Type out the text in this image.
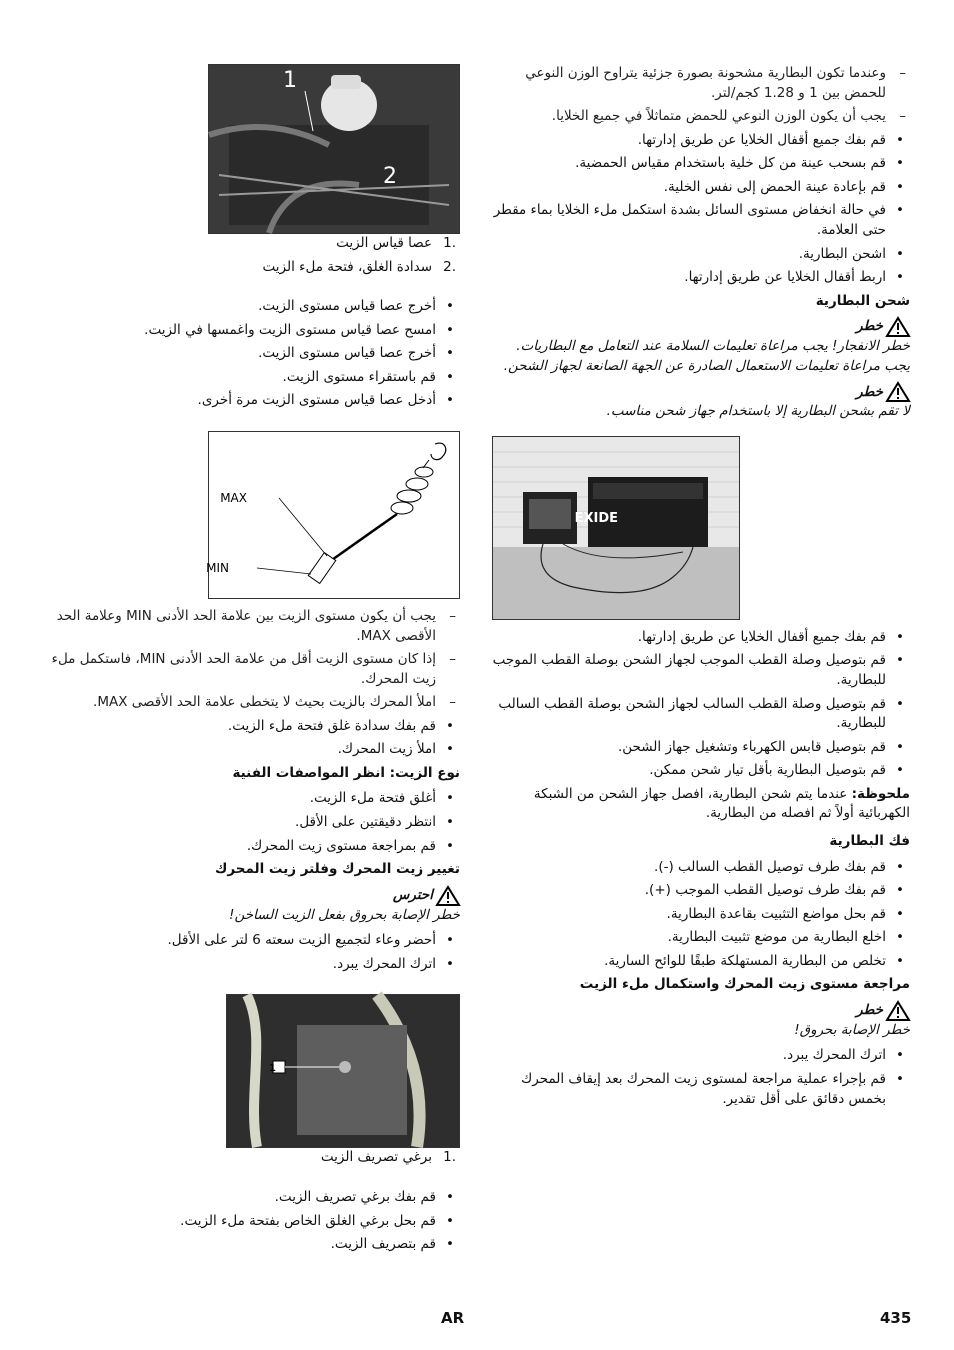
– وعندما تكون البطارية مشحونة بصورة جزئية يتراوح الوزن النوعي للحمض بين 1 و 1.28 كجم/لتر.
– يجب أن يكون الوزن النوعي للحمض متماثلاً في جميع الخلايا.
• قم بفك جميع أقفال الخلايا عن طريق إدارتها.
• قم بسحب عينة من كل خلية باستخدام مقياس الحمضية.
• قم بإعادة عينة الحمض إلى نفس الخلية.
• في حالة انخفاض مستوى السائل بشدة استكمل ملء الخلايا بماء مقطر حتى العلامة.
• اشحن البطارية.
• اربط أقفال الخلايا عن طريق إدارتها.
شحن البطارية
خطر

خطر الانفجار! يجب مراعاة تعليمات السلامة عند التعامل مع البطاريات. يجب مراعاة تعليمات الاستعمال الصادرة عن الجهة الصانعة لجهاز الشحن.

خطر

لا تقم بشحن البطارية إلا باستخدام جهاز شحن مناسب.

EXIDE
• قم بفك جميع أقفال الخلايا عن طريق إدارتها.
• قم بتوصيل وصلة القطب الموجب لجهاز الشحن بوصلة القطب الموجب للبطارية.
• قم بتوصيل وصلة القطب السالب لجهاز الشحن بوصلة القطب السالب للبطارية.
• قم بتوصيل قابس الكهرباء وتشغيل جهاز الشحن.
• قم بتوصيل البطارية بأقل تيار شحن ممكن.

ملحوظة: عندما يتم شحن البطارية، افصل جهاز الشحن من الشبكة الكهربائية أولاً ثم افصله من البطارية.

فك البطارية
• قم بفك طرف توصيل القطب السالب (-).
• قم بفك طرف توصيل القطب الموجب (+).
• قم بحل مواضع التثبيت بقاعدة البطارية.
• اخلع البطارية من موضع تثبيت البطارية.
• تخلص من البطارية المستهلكة طبقًا للوائح السارية.
مراجعة مستوى زيت المحرك واستكمال ملء الزيت
خطر

خطر الإصابة بحروق!

• اترك المحرك يبرد.
• قم بإجراء عملية مراجعة لمستوى زيت المحرك بعد إيقاف المحرك بخمس دقائق على أقل تقدير.
1
2
1.
عصا قياس الزيت
2.
سدادة الغلق، فتحة ملء الزيت
• أخرج عصا قياس مستوى الزيت.
• امسح عصا قياس مستوى الزيت واغمسها في الزيت.
• أخرج عصا قياس مستوى الزيت.
• قم باستقراء مستوى الزيت.
• أدخل عصا قياس مستوى الزيت مرة أخرى.
MAX
MIN
– يجب أن يكون مستوى الزيت بين علامة الحد الأدنى MIN وعلامة الحد الأقصى MAX.
– إذا كان مستوى الزيت أقل من علامة الحد الأدنى MIN، فاستكمل ملء زيت المحرك.
– املأ المحرك بالزيت بحيث لا يتخطى علامة الحد الأقصى MAX.
• قم بفك سدادة غلق فتحة ملء الزيت.
• املأ زيت المحرك.
نوع الزيت: انظر المواصفات الفنية
• أغلق فتحة ملء الزيت.
• انتظر دقيقتين على الأقل.
• قم بمراجعة مستوى زيت المحرك.
تغيير زيت المحرك وفلتر زيت المحرك
احترس

خطر الإصابة بحروق بفعل الزيت الساخن!

• أحضر وعاء لتجميع الزيت سعته 6 لتر على الأقل.
• اترك المحرك يبرد.
1
1.
برغي تصريف الزيت
• قم بفك برغي تصريف الزيت.
• قم بحل برغي الغلق الخاص بفتحة ملء الزيت.
• قم بتصريف الزيت.
AR	435
